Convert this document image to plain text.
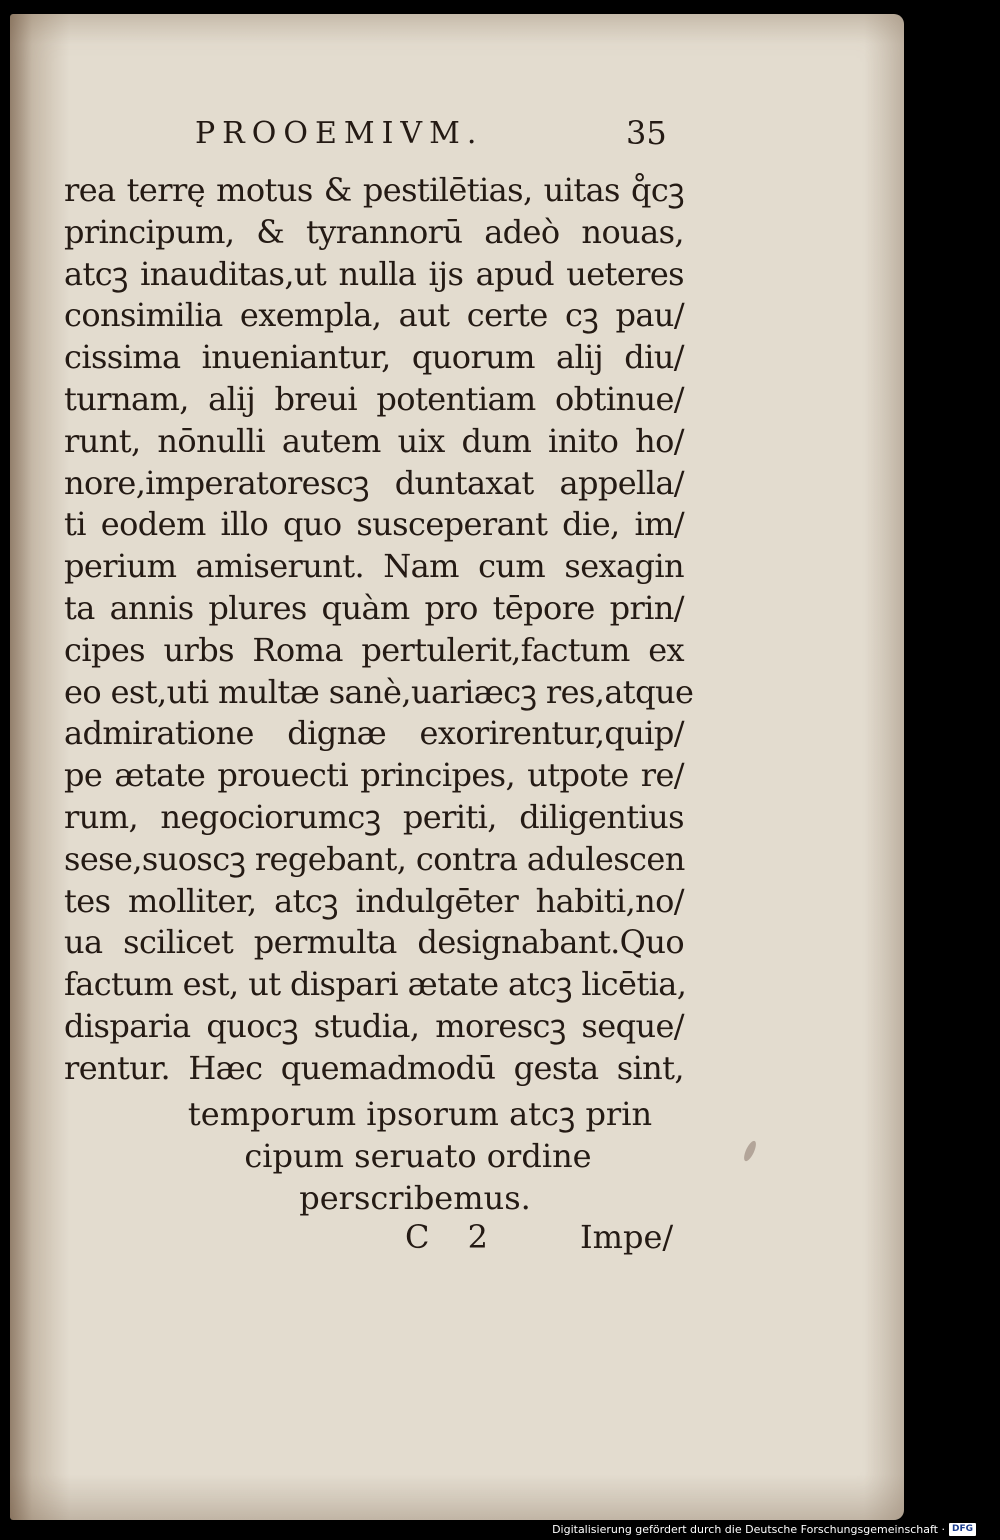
PROOEMIVM.	35
rea terrę motus & pestilētias, uitas q̊cꝫ
principum, & tyrannorū adeò nouas,
atcꝫ inauditas,ut nulla ijs apud ueteres
consimilia exempla, aut certe cꝫ pau/
cissima inueniantur, quorum alij diu/
turnam, alij breui potentiam obtinue/
runt, nōnulli autem uix dum inito ho/
nore,imperatorescꝫ duntaxat appella/
ti eodem illo quo susceperant die, im/
perium amiserunt. Nam cum sexagin
ta annis plures quàm pro tēpore prin/
cipes urbs Roma pertulerit,factum ex
eo est,uti multæ sanè,uariæcꝫ res,atque
admiratione dignæ exorirentur,quip/
pe ætate prouecti principes, utpote re/
rum, negociorumcꝫ periti, diligentius
sese,suoscꝫ regebant, contra adulescen
tes molliter, atcꝫ indulgēter habiti,no/
ua scilicet permulta designabant.Quo
factum est, ut dispari ætate atcꝫ licētia,
disparia quocꝫ studia, morescꝫ seque/
rentur. Hæc quemadmodū gesta sint,
temporum ipsorum atcꝫ prin
cipum seruato ordine
perscribemus.
C 2 Impe/
Digitalisierung gefördert durch die Deutsche Forschungsgemeinschaft · DFG
